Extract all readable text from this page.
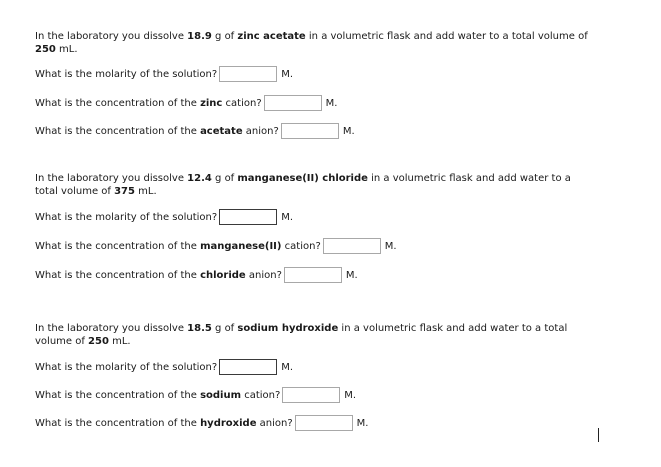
In the laboratory you dissolve 18.9 g of zinc acetate in a volumetric flask and add water to a total volume of 250 mL.

What is the molarity of the solution?	M.
What is the concentration of the zinc cation?	M.
What is the concentration of the acetate anion?	M.

In the laboratory you dissolve 12.4 g of manganese(II) chloride in a volumetric flask and add water to a total volume of 375 mL.

What is the molarity of the solution?	M.
What is the concentration of the manganese(II) cation?	M.
What is the concentration of the chloride anion?	M.

In the laboratory you dissolve 18.5 g of sodium hydroxide in a volumetric flask and add water to a total volume of 250 mL.

What is the molarity of the solution?	M.
What is the concentration of the sodium cation?	M.
What is the concentration of the hydroxide anion?	M.
